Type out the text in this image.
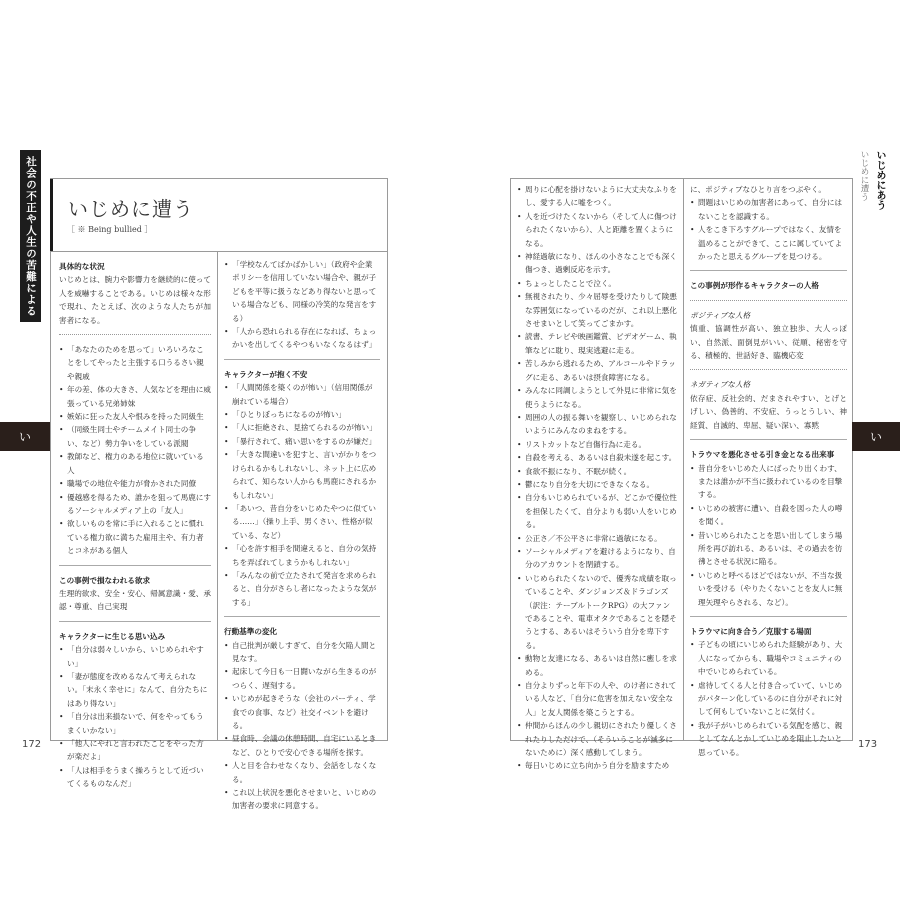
社会の不正や人生の苦難によるトラウマ
い
いじめに遭う
［ ※ Being bullied ］
具体的な状況

いじめとは、腕力や影響力を継続的に使って人を威嚇することである。いじめは様々な形で現れ、たとえば、次のような人たちが加害者になる。

• 「あなたのためを思って」いろいろなことをしてやったと主張する口うるさい親や親戚
• 年の差、体の大きさ、人気などを理由に威張っている兄弟姉妹
• 嫉妬に狂った友人や恨みを持った同級生
• （同級生同士やチームメイト同士の争い、など）勢力争いをしている派閥
• 教師など、権力のある地位に就いている人
• 職場での地位や能力が脅かされた同僚
• 優越感を得るため、誰かを狙って馬鹿にするソーシャルメディア上の「友人」
• 欲しいものを常に手に入れることに慣れている権力欲に満ちた雇用主や、有力者とコネがある個人
この事例で損なわれる欲求

生理的欲求、安全・安心、帰属意識・愛、承認・尊重、自己実現

キャラクターに生じる思い込み
• 「自分は弱々しいから、いじめられやすい」
• 「妻が態度を改めるなんて考えられない。「末永く幸せに」なんて、自分たちにはあり得ない」
• 「自分は出来損ないで、何をやってもうまくいかない」
• 「他人にやれと言われたことをやった方が楽だよ」
• 「人は相手をうまく操ろうとして近づいてくるものなんだ」
• 「学校なんてばかばかしい」（政府や企業ポリシーを信用していない場合や、親が子どもを平等に扱うなどあり得ないと思っている場合なども、同様の冷笑的な発言をする）
• 「人から恐れられる存在になれば、ちょっかいを出してくるやつもいなくなるはず」
キャラクターが抱く不安
• 「人間関係を築くのが怖い」（信用関係が崩れている場合）
• 「ひとりぼっちになるのが怖い」
• 「人に拒絶され、見捨てられるのが怖い」
• 「暴行されて、痛い思いをするのが嫌だ」
• 「大きな間違いを犯すと、言いがかりをつけられるかもしれないし、ネット上に広められて、知らない人からも馬鹿にされるかもしれない」
• 「あいつ、昔自分をいじめたやつに似ている……」（操り上手、男くさい、性格が似ている、など）
• 「心を許す相手を間違えると、自分の気持ちを弄ばれてしまうかもしれない」
• 「みんなの前で立たされて発言を求められると、自分がさらし者になったような気がする」
行動基準の変化
• 自己批判が厳しすぎて、自分を欠陥人間と見なす。
• 起床して今日も一日闘いながら生きるのがつらく、遅刻する。
• いじめが起きそうな（会社のパーティ、学食での食事、など）社交イベントを避ける。
• 昼食時、会議の休憩時間、自宅にいるときなど、ひとりで安心できる場所を探す。
• 人と目を合わせなくなり、会話をしなくなる。
• これ以上状況を悪化させまいと、いじめの加害者の要求に同意する。
172
• 周りに心配を掛けないように大丈夫なふりをし、愛する人に嘘をつく。
• 人を近づけたくないから（そして人に傷つけられたくないから）、人と距離を置くようになる。
• 神経過敏になり、ほんの小さなことでも深く傷つき、過剰反応を示す。
• ちょっとしたことで泣く。
• 無視されたり、少々屈辱を受けたりして険悪な雰囲気になっているのだが、これ以上悪化させまいとして笑ってごまかす。
• 読書、テレビや映画鑑賞、ビデオゲーム、執筆などに耽り、現実逃避に走る。
• 苦しみから逃れるため、アルコールやドラッグに走る、あるいは摂食障害になる。
• みんなに同調しようとして外見に非常に気を使うようになる。
• 周囲の人の振る舞いを観察し、いじめられないようにみんなのまねをする。
• リストカットなど自傷行為に走る。
• 自殺を考える、あるいは自殺未遂を起こす。
• 食欲不振になり、不眠が続く。
• 鬱になり自分を大切にできなくなる。
• 自分もいじめられているが、どこかで優位性を担保したくて、自分よりも弱い人をいじめる。
• 公正さ／不公平さに非常に過敏になる。
• ソーシャルメディアを避けるようになり、自分のアカウントを閉鎖する。
• いじめられたくないので、優秀な成績を取っていることや、ダンジョンズ＆ドラゴンズ（訳注：テーブルトークRPG）の大ファンであることや、電車オタクであることを隠そうとする、あるいはそういう自分を卑下する。
• 動物と友達になる、あるいは自然に癒しを求める。
• 自分よりずっと年下の人や、のけ者にされている人など、「自分に危害を加えない安全な人」と友人関係を築こうとする。
• 仲間からほんの少し親切にされたり優しくされたりしただけで、（そういうことが滅多にないために）深く感動してしまう。
• 毎日いじめに立ち向かう自分を励ますため

に、ポジティブなひとり言をつぶやく。

• 問題はいじめの加害者にあって、自分にはないことを認識する。
• 人をこき下ろすグループではなく、友情を温めることができて、ここに属していてよかったと思えるグループを見つける。
この事例が形作るキャラクターの人格
ポジティブな人格

慎重、協調性が高い、独立独歩、大人っぽい、自然派、面倒見がいい、従順、秘密を守る、積極的、世話好き、臨機応変

ネガティブな人格

依存症、反社会的、だまされやすい、とげとげしい、偽善的、不安症、うっとうしい、神経質、自滅的、卑屈、疑い深い、寡黙

トラウマを悪化させる引き金となる出来事
• 昔自分をいじめた人にばったり出くわす、または誰かが不当に扱われているのを目撃する。
• いじめの被害に遭い、自殺を図った人の噂を聞く。
• 昔いじめられたことを思い出してしまう場所を再び訪れる、あるいは、その過去を彷彿とさせる状況に陥る。
• いじめと呼べるほどではないが、不当な扱いを受ける（やりたくないことを友人に無理矢理やらされる、など）。
トラウマに向き合う／克服する場面
• 子どもの頃にいじめられた経験があり、大人になってからも、職場やコミュニティの中でいじめられている。
• 虐待してくる人と付き合っていて、いじめがパターン化しているのに自分がそれに対して何もしていないことに気付く。
• 我が子がいじめられている気配を感じ、親としてなんとかしていじめを阻止したいと思っている。
173
いじめに遭う いじめにあう
い
